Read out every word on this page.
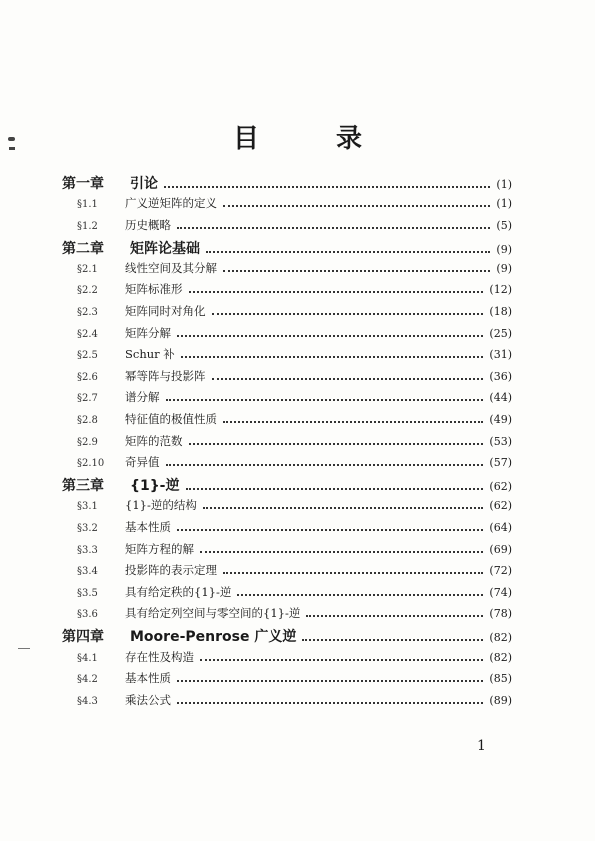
目 录
第一章	引论	(1)
§1.1	广义逆矩阵的定义	(1)
§1.2	历史概略	(5)
第二章	矩阵论基础	(9)
§2.1	线性空间及其分解	(9)
§2.2	矩阵标准形	(12)
§2.3	矩阵同时对角化	(18)
§2.4	矩阵分解	(25)
§2.5	Schur 补	(31)
§2.6	幂等阵与投影阵	(36)
§2.7	谱分解	(44)
§2.8	特征值的极值性质	(49)
§2.9	矩阵的范数	(53)
§2.10	奇异值	(57)
第三章	{1}-逆	(62)
§3.1	{1}-逆的结构	(62)
§3.2	基本性质	(64)
§3.3	矩阵方程的解	(69)
§3.4	投影阵的表示定理	(72)
§3.5	具有给定秩的{1}-逆	(74)
§3.6	具有给定列空间与零空间的{1}-逆	(78)
第四章	Moore-Penrose 广义逆	(82)
§4.1	存在性及构造	(82)
§4.2	基本性质	(85)
§4.3	乘法公式	(89)
1
